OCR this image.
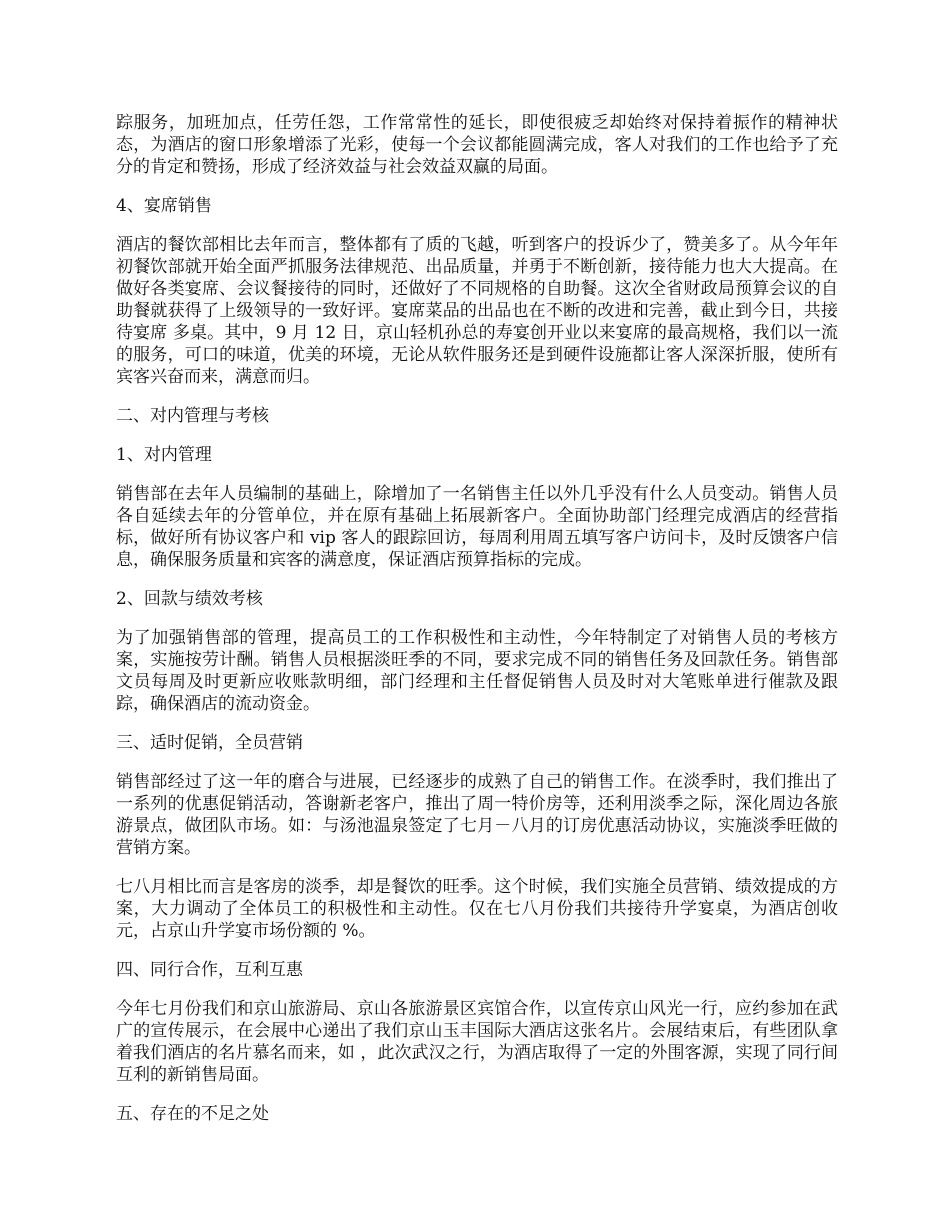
踪服务，加班加点，任劳任怨，工作常常性的延长，即使很疲乏却始终对保持着振作的精神状态，为酒店的窗口形象增添了光彩，使每一个会议都能圆满完成，客人对我们的工作也给予了充分的肯定和赞扬，形成了经济效益与社会效益双赢的局面。

4、宴席销售

酒店的餐饮部相比去年而言，整体都有了质的飞越，听到客户的投诉少了，赞美多了。从今年年初餐饮部就开始全面严抓服务法律规范、出品质量，并勇于不断创新，接待能力也大大提高。在做好各类宴席、会议餐接待的同时，还做好了不同规格的自助餐。这次全省财政局预算会议的自助餐就获得了上级领导的一致好评。宴席菜品的出品也在不断的改进和完善，截止到今日，共接待宴席 多桌。其中，9 月 12 日，京山轻机孙总的寿宴创开业以来宴席的最高规格，我们以一流的服务，可口的味道，优美的环境，无论从软件服务还是到硬件设施都让客人深深折服，使所有宾客兴奋而来，满意而归。

二、对内管理与考核

1、对内管理

销售部在去年人员编制的基础上，除增加了一名销售主任以外几乎没有什么人员变动。销售人员各自延续去年的分管单位，并在原有基础上拓展新客户。全面协助部门经理完成酒店的经营指标，做好所有协议客户和 vip 客人的跟踪回访，每周利用周五填写客户访问卡，及时反馈客户信息，确保服务质量和宾客的满意度，保证酒店预算指标的完成。

2、回款与绩效考核

为了加强销售部的管理，提高员工的工作积极性和主动性，今年特制定了对销售人员的考核方案，实施按劳计酬。销售人员根据淡旺季的不同，要求完成不同的销售任务及回款任务。销售部文员每周及时更新应收账款明细，部门经理和主任督促销售人员及时对大笔账单进行催款及跟踪，确保酒店的流动资金。

三、适时促销，全员营销

销售部经过了这一年的磨合与进展，已经逐步的成熟了自己的销售工作。在淡季时，我们推出了一系列的优惠促销活动，答谢新老客户，推出了周一特价房等，还利用淡季之际，深化周边各旅游景点，做团队市场。如：与汤池温泉签定了七月－八月的订房优惠活动协议，实施淡季旺做的营销方案。

七八月相比而言是客房的淡季，却是餐饮的旺季。这个时候，我们实施全员营销、绩效提成的方案，大力调动了全体员工的积极性和主动性。仅在七八月份我们共接待升学宴桌，为酒店创收 元，占京山升学宴市场份额的 %。

四、同行合作，互利互惠

今年七月份我们和京山旅游局、京山各旅游景区宾馆合作，以宣传京山风光一行，应约参加在武广的宣传展示，在会展中心递出了我们京山玉丰国际大酒店这张名片。会展结束后，有些团队拿着我们酒店的名片慕名而来，如 ，此次武汉之行，为酒店取得了一定的外围客源，实现了同行间互利的新销售局面。

五、存在的不足之处
